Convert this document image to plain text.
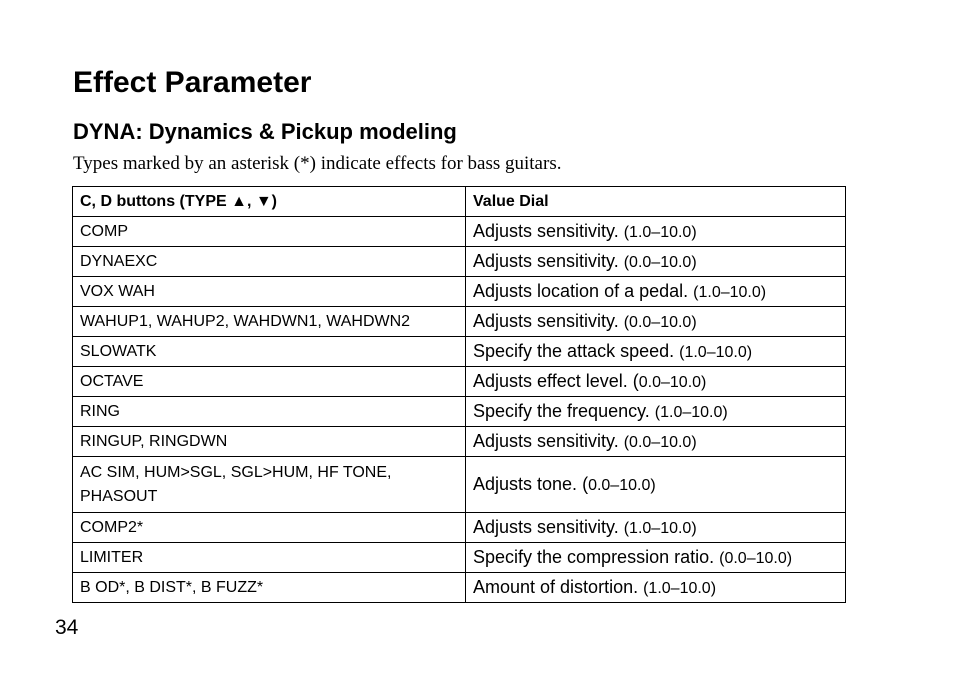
Effect Parameter
DYNA: Dynamics & Pickup modeling

Types marked by an asterisk (*) indicate effects for bass guitars.

C, D buttons (TYPE ▲, ▼)	Value Dial
COMP	Adjusts sensitivity. (1.0–10.0)
DYNAEXC	Adjusts sensitivity. (0.0–10.0)
VOX WAH	Adjusts location of a pedal. (1.0–10.0)
WAHUP1, WAHUP2, WAHDWN1, WAHDWN2	Adjusts sensitivity. (0.0–10.0)
SLOWATK	Specify the attack speed. (1.0–10.0)
OCTAVE	Adjusts effect level. (0.0–10.0)
RING	Specify the frequency. (1.0–10.0)
RINGUP, RINGDWN	Adjusts sensitivity. (0.0–10.0)
AC SIM, HUM>SGL, SGL>HUM, HF TONE, PHASOUT	Adjusts tone. (0.0–10.0)
COMP2*	Adjusts sensitivity. (1.0–10.0)
LIMITER	Specify the compression ratio. (0.0–10.0)
B OD*, B DIST*, B FUZZ*	Amount of distortion. (1.0–10.0)
34
